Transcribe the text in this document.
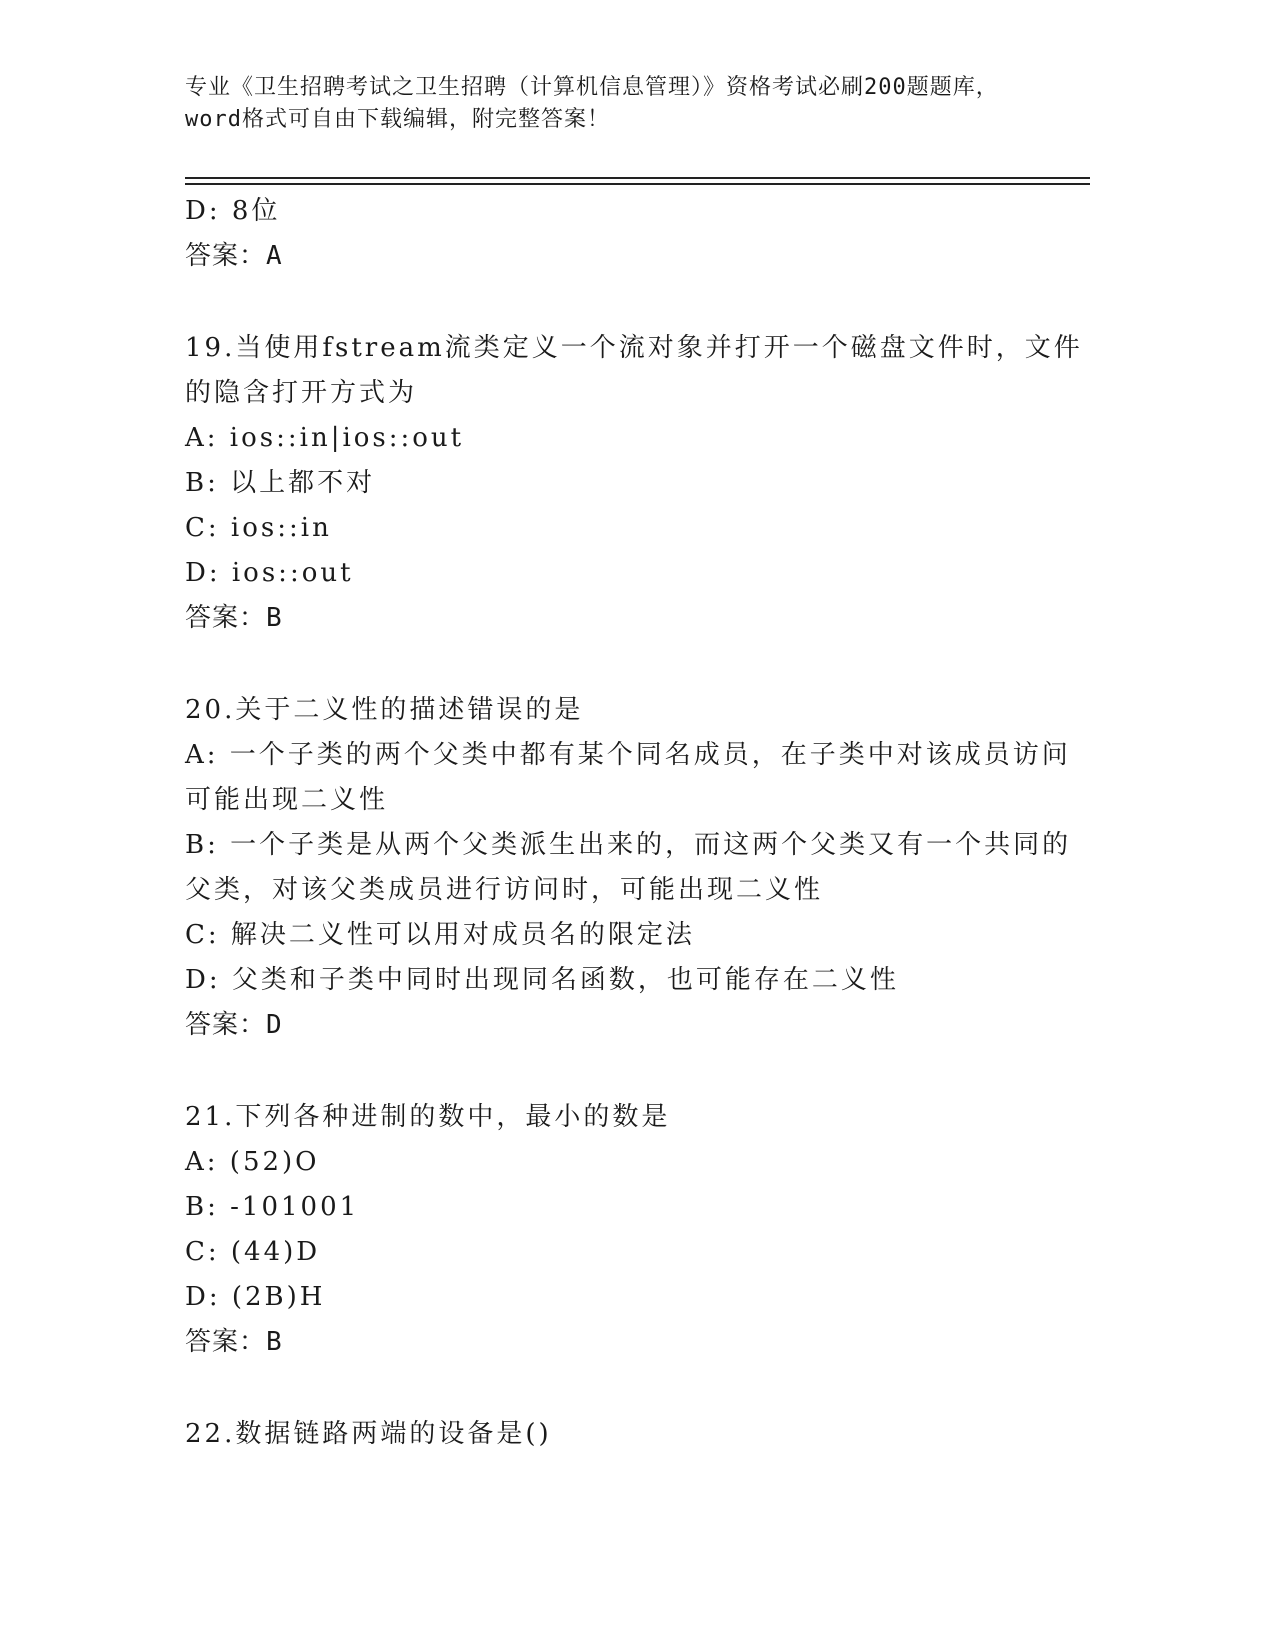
专业《卫生招聘考试之卫生招聘（计算机信息管理）》资格考试必刷200题题库，
word格式可自由下载编辑，附完整答案！
D: 8位
答案：A
19.当使用fstream流类定义一个流对象并打开一个磁盘文件时，文件
的隐含打开方式为
A: ios::in|ios::out
B: 以上都不对
C: ios::in
D: ios::out
答案：B
20.关于二义性的描述错误的是
A: 一个子类的两个父类中都有某个同名成员，在子类中对该成员访问
可能出现二义性
B: 一个子类是从两个父类派生出来的，而这两个父类又有一个共同的
父类，对该父类成员进行访问时，可能出现二义性
C: 解决二义性可以用对成员名的限定法
D: 父类和子类中同时出现同名函数，也可能存在二义性
答案：D
21.下列各种进制的数中，最小的数是
A: (52)O
B: -101001
C: (44)D
D: (2B)H
答案：B
22.数据链路两端的设备是()
